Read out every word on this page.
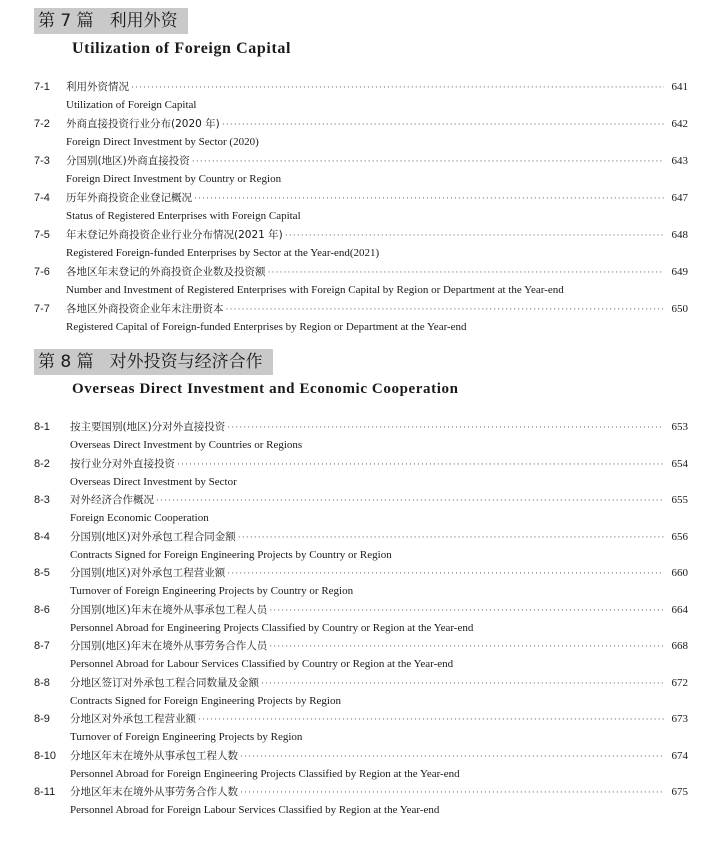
第 7 篇 利用外资
Utilization of Foreign Capital
7-1	利用外资情况 ·····	641
Utilization of Foreign Capital
7-2	外商直接投资行业分布(2020 年) ·····	642
Foreign Direct Investment by Sector (2020)
7-3	分国别(地区)外商直接投资 ·····	643
Foreign Direct Investment by Country or Region
7-4	历年外商投资企业登记概况 ·····	647
Status of Registered Enterprises with Foreign Capital
7-5	年末登记外商投资企业行业分布情况(2021 年) ·····	648
Registered Foreign-funded Enterprises by Sector at the Year-end(2021)
7-6	各地区年末登记的外商投资企业数及投资额 ·····	649
Number and Investment of Registered Enterprises with Foreign Capital by Region or Department at the Year-end
7-7	各地区外商投资企业年末注册资本 ·····	650
Registered Capital of Foreign-funded Enterprises by Region or Department at the Year-end
第 8 篇 对外投资与经济合作
Overseas Direct Investment and Economic Cooperation
8-1	按主要国别(地区)分对外直接投资 ·····	653
Overseas Direct Investment by Countries or Regions
8-2	按行业分对外直接投资 ·····	654
Overseas Direct Investment by Sector
8-3	对外经济合作概况 ·····	655
Foreign Economic Cooperation
8-4	分国别(地区)对外承包工程合同金额 ·····	656
Contracts Signed for Foreign Engineering Projects by Country or Region
8-5	分国别(地区)对外承包工程营业额 ·····	660
Turnover of Foreign Engineering Projects by Country or Region
8-6	分国别(地区)年末在境外从事承包工程人员 ·····	664
Personnel Abroad for Engineering Projects Classified by Country or Region at the Year-end
8-7	分国别(地区)年末在境外从事劳务合作人员 ·····	668
Personnel Abroad for Labour Services Classified by Country or Region at the Year-end
8-8	分地区签订对外承包工程合同数量及金额 ·····	672
Contracts Signed for Foreign Engineering Projects by Region
8-9	分地区对外承包工程营业额 ·····	673
Turnover of Foreign Engineering Projects by Region
8-10	分地区年末在境外从事承包工程人数 ·····	674
Personnel Abroad for Foreign Engineering Projects Classified by Region at the Year-end
8-11	分地区年末在境外从事劳务合作人数 ·····	675
Personnel Abroad for Foreign Labour Services Classified by Region at the Year-end
